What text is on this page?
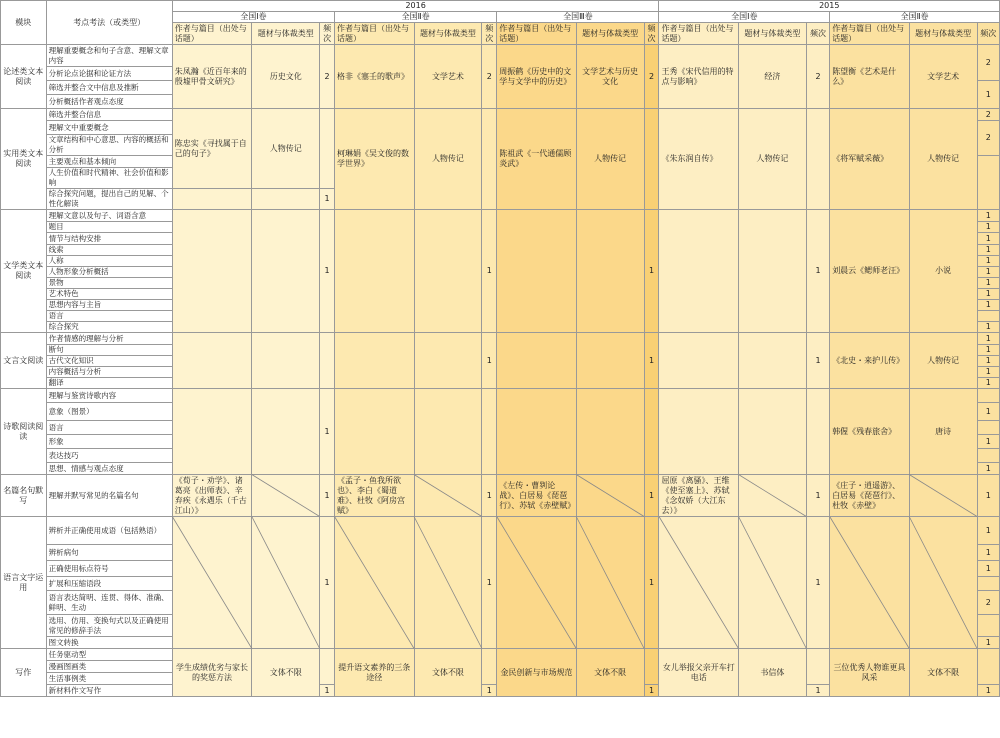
模块	考点考法（或类型）	2016									2015					
		全国Ⅰ卷			全国Ⅱ卷			全国Ⅲ卷			全国Ⅰ卷			全国Ⅱ卷		
		作者与篇目（出处与话题）	题材与体裁类型	频次	作者与篇目（出处与话题）	题材与体裁类型	频次	作者与篇目（出处与话题）	题材与体裁类型	频次	作者与篇目（出处与话题）	题材与体裁类型	频次	作者与篇目（出处与话题）	题材与体裁类型	频次
论述类文本阅读	理解重要概念和句子含意、理解文章内容	朱凤瀚《近百年来的殷墟甲骨文研究》	历史文化	2	格非《塞壬的歌声》	文学艺术	2	周振鹤《历史中的文学与文学中的历史》	文学艺术与历史文化	2	王秀《宋代信用的特点与影响》	经济	2	陈望衡《艺术是什么》	文学艺术	2
	分析论点论据和论证方法															
	筛选并整合文中信息及推断															1
	分析概括作者观点态度															
实用类文本阅读	筛选并整合信息	陈忠实《寻找属于自己的句子》	人物传记		柯琳娟《吴文俊的数学世界》	人物传记		陈祖武《一代通儒顾炎武》	人物传记		《朱东润自传》	人物传记		《将军赋采薇》	人物传记	2
	理解文中重要概念															2
	文章结构和中心意思、内容的概括和分析															
	主要观点和基本倾向															
	人生价值和时代精神、社会价值和影响															
	综合探究问题，提出自己的见解、个性化解读			1												
文学类文本阅读	理解文意以及句子、词语含意			1			1			1			1	刘晨云《鳃师老汪》	小说	1
	题目															1
	情节与结构安排															1
	线索															1
	人称															1
	人物形象分析概括															1
	景物															1
	艺术特色															1
	思想内容与主旨															1
	语言															
	综合探究															1
文言文阅读	作者情感的理解与分析						1			1			1	《北史・来护儿传》	人物传记	1
	断句															1
	古代文化知识															1
	内容概括与分析															1
	翻译															1
诗歌阅读阅读	理解与鉴赏诗歌内容			1										韩偓《残春旅舍》	唐诗	
	意象（图景）															1
	语言															
	形象															1
	表达技巧															
	思想、情感与观点态度															1
名篇名句默写	理解并默写常见的名篇名句	《荀子・劝学》、诸葛亮《出师表》、辛弃疾《永遇乐（千古江山）》		1	《孟子・鱼我所欲也》、李白《蜀道难》、杜牧《阿房宫赋》		1	《左传・曹刿论战》、白居易《琵琶行》、苏轼《赤壁赋》		1	屈原《离骚》、王维《使至塞上》、苏轼《念奴娇（大江东去）》		1	《庄子・逍遥游》、白居易《琵琶行》、杜牧《赤壁》		1
语言文字运用	辨析并正确使用成语（包括熟语）			1			1			1			1			1
	辨析病句															1
	正确使用标点符号															1
	扩展和压缩语段															
	语言表达简明、连贯、得体、准确、鲜明、生动															2
	选用、仿用、变换句式以及正确使用常见的修辞手法															
	图文转换															1
写作	任务驱动型	学生成绩优劣与家长的奖惩方法	文体不限		提升语文素养的三条途径	文体不限		金民创新与市场规范	文体不限		女儿举报父亲开车打电话	书信体		三位优秀人物谁更具风采	文体不限	
	漫画图画类															
	生活事例类															
	新材料作文写作			1			1			1			1			1
